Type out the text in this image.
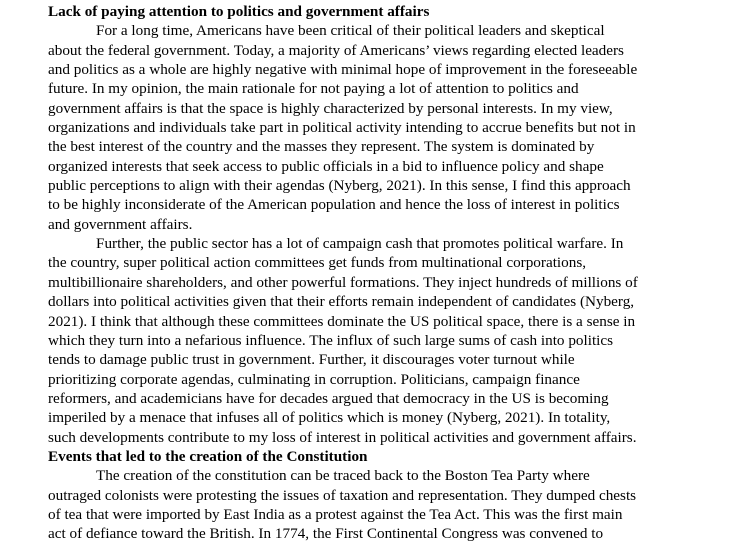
Lack of paying attention to politics and government affairs
For a long time, Americans have been critical of their political leaders and skeptical
about the federal government. Today, a majority of Americans’ views regarding elected leaders
and politics as a whole are highly negative with minimal hope of improvement in the foreseeable
future. In my opinion, the main rationale for not paying a lot of attention to politics and
government affairs is that the space is highly characterized by personal interests. In my view,
organizations and individuals take part in political activity intending to accrue benefits but not in
the best interest of the country and the masses they represent. The system is dominated by
organized interests that seek access to public officials in a bid to influence policy and shape
public perceptions to align with their agendas (Nyberg, 2021). In this sense, I find this approach
to be highly inconsiderate of the American population and hence the loss of interest in politics
and government affairs.
Further, the public sector has a lot of campaign cash that promotes political warfare. In
the country, super political action committees get funds from multinational corporations,
multibillionaire shareholders, and other powerful formations. They inject hundreds of millions of
dollars into political activities given that their efforts remain independent of candidates (Nyberg,
2021). I think that although these committees dominate the US political space, there is a sense in
which they turn into a nefarious influence. The influx of such large sums of cash into politics
tends to damage public trust in government. Further, it discourages voter turnout while
prioritizing corporate agendas, culminating in corruption. Politicians, campaign finance
reformers, and academicians have for decades argued that democracy in the US is becoming
imperiled by a menace that infuses all of politics which is money (Nyberg, 2021). In totality,
such developments contribute to my loss of interest in political activities and government affairs.
Events that led to the creation of the Constitution
The creation of the constitution can be traced back to the Boston Tea Party where
outraged colonists were protesting the issues of taxation and representation. They dumped chests
of tea that were imported by East India as a protest against the Tea Act. This was the first main
act of defiance toward the British. In 1774, the First Continental Congress was convened to
